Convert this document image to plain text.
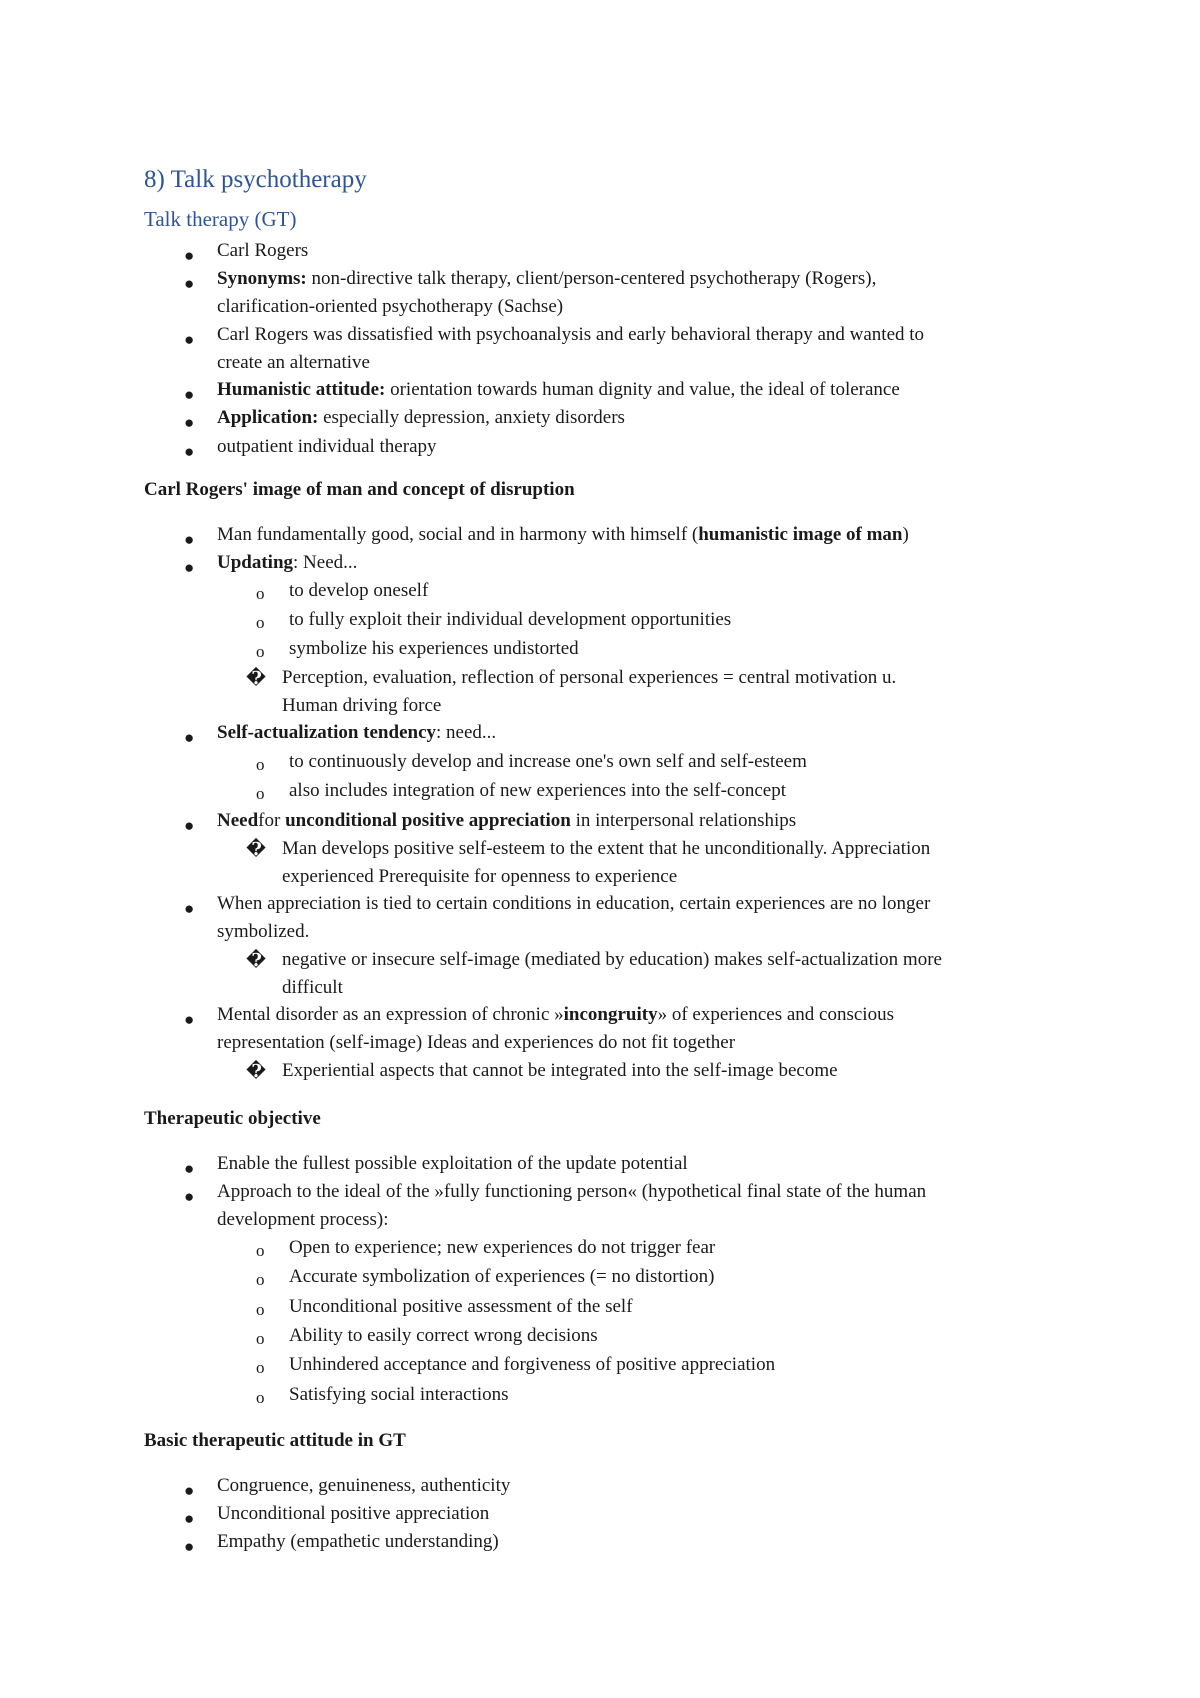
8) Talk psychotherapy
Talk therapy (GT)
● Carl Rogers
● Synonyms: non-directive talk therapy, client/person-centered psychotherapy (Rogers),
clarification-oriented psychotherapy (Sachse)
● Carl Rogers was dissatisfied with psychoanalysis and early behavioral therapy and wanted to
create an alternative
● Humanistic attitude: orientation towards human dignity and value, the ideal of tolerance
● Application: especially depression, anxiety disorders
● outpatient individual therapy
Carl Rogers' image of man and concept of disruption
● Man fundamentally good, social and in harmony with himself (humanistic image of man)
● Updating: Need...
o to develop oneself
o to fully exploit their individual development opportunities
o symbolize his experiences undistorted
� Perception, evaluation, reflection of personal experiences = central motivation u.
Human driving force
● Self-actualization tendency: need...
o to continuously develop and increase one's own self and self-esteem
o also includes integration of new experiences into the self-concept
● Needfor unconditional positive appreciation in interpersonal relationships
� Man develops positive self-esteem to the extent that he unconditionally. Appreciation
experienced Prerequisite for openness to experience
● When appreciation is tied to certain conditions in education, certain experiences are no longer
symbolized.
� negative or insecure self-image (mediated by education) makes self-actualization more
difficult
● Mental disorder as an expression of chronic »incongruity» of experiences and conscious
representation (self-image) Ideas and experiences do not fit together
� Experiential aspects that cannot be integrated into the self-image become
Therapeutic objective
● Enable the fullest possible exploitation of the update potential
● Approach to the ideal of the »fully functioning person« (hypothetical final state of the human
development process):
o Open to experience; new experiences do not trigger fear
o Accurate symbolization of experiences (= no distortion)
o Unconditional positive assessment of the self
o Ability to easily correct wrong decisions
o Unhindered acceptance and forgiveness of positive appreciation
o Satisfying social interactions
Basic therapeutic attitude in GT
● Congruence, genuineness, authenticity
● Unconditional positive appreciation
● Empathy (empathetic understanding)
